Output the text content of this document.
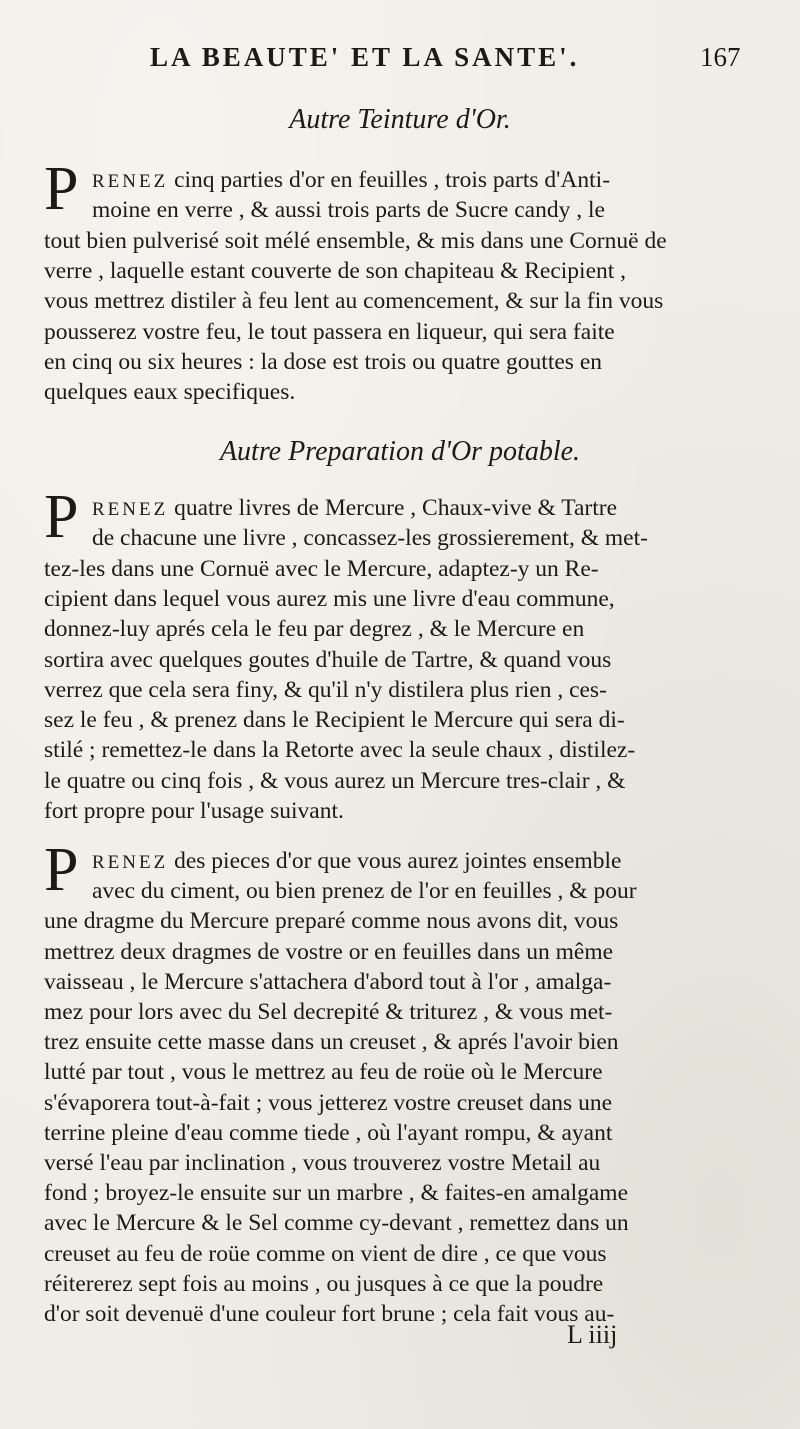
LA BEAUTE' ET LA SANTE'.	167
Autre Teinture d'Or.
P RENEZ cinq parties d'or en feuilles , trois parts d'Anti-
moine en verre , & aussi trois parts de Sucre candy , le
tout bien pulverisé soit mélé ensemble, & mis dans une Cornuë de
verre , laquelle estant couverte de son chapiteau & Recipient ,
vous mettrez distiler à feu lent au comencement, & sur la fin vous
pousserez vostre feu, le tout passera en liqueur, qui sera faite
en cinq ou six heures : la dose est trois ou quatre gouttes en
quelques eaux specifiques.
Autre Preparation d'Or potable.
P RENEZ quatre livres de Mercure , Chaux-vive & Tartre
de chacune une livre , concassez-les grossierement, & met-
tez-les dans une Cornuë avec le Mercure, adaptez-y un Re-
cipient dans lequel vous aurez mis une livre d'eau commune,
donnez-luy aprés cela le feu par degrez , & le Mercure en
sortira avec quelques goutes d'huile de Tartre, & quand vous
verrez que cela sera finy, & qu'il n'y distilera plus rien , ces-
sez le feu , & prenez dans le Recipient le Mercure qui sera di-
stilé ; remettez-le dans la Retorte avec la seule chaux , distilez-
le quatre ou cinq fois , & vous aurez un Mercure tres-clair , &
fort propre pour l'usage suivant.
P RENEZ des pieces d'or que vous aurez jointes ensemble
avec du ciment, ou bien prenez de l'or en feuilles , & pour
une dragme du Mercure preparé comme nous avons dit, vous
mettrez deux dragmes de vostre or en feuilles dans un même
vaisseau , le Mercure s'attachera d'abord tout à l'or , amalga-
mez pour lors avec du Sel decrepité & triturez , & vous met-
trez ensuite cette masse dans un creuset , & aprés l'avoir bien
lutté par tout , vous le mettrez au feu de roüe où le Mercure
s'évaporera tout-à-fait ; vous jetterez vostre creuset dans une
terrine pleine d'eau comme tiede , où l'ayant rompu, & ayant
versé l'eau par inclination , vous trouverez vostre Metail au
fond ; broyez-le ensuite sur un marbre , & faites-en amalgame
avec le Mercure & le Sel comme cy-devant , remettez dans un
creuset au feu de roüe comme on vient de dire , ce que vous
réitererez sept fois au moins , ou jusques à ce que la poudre
d'or soit devenuë d'une couleur fort brune ; cela fait vous au-
L iiij
